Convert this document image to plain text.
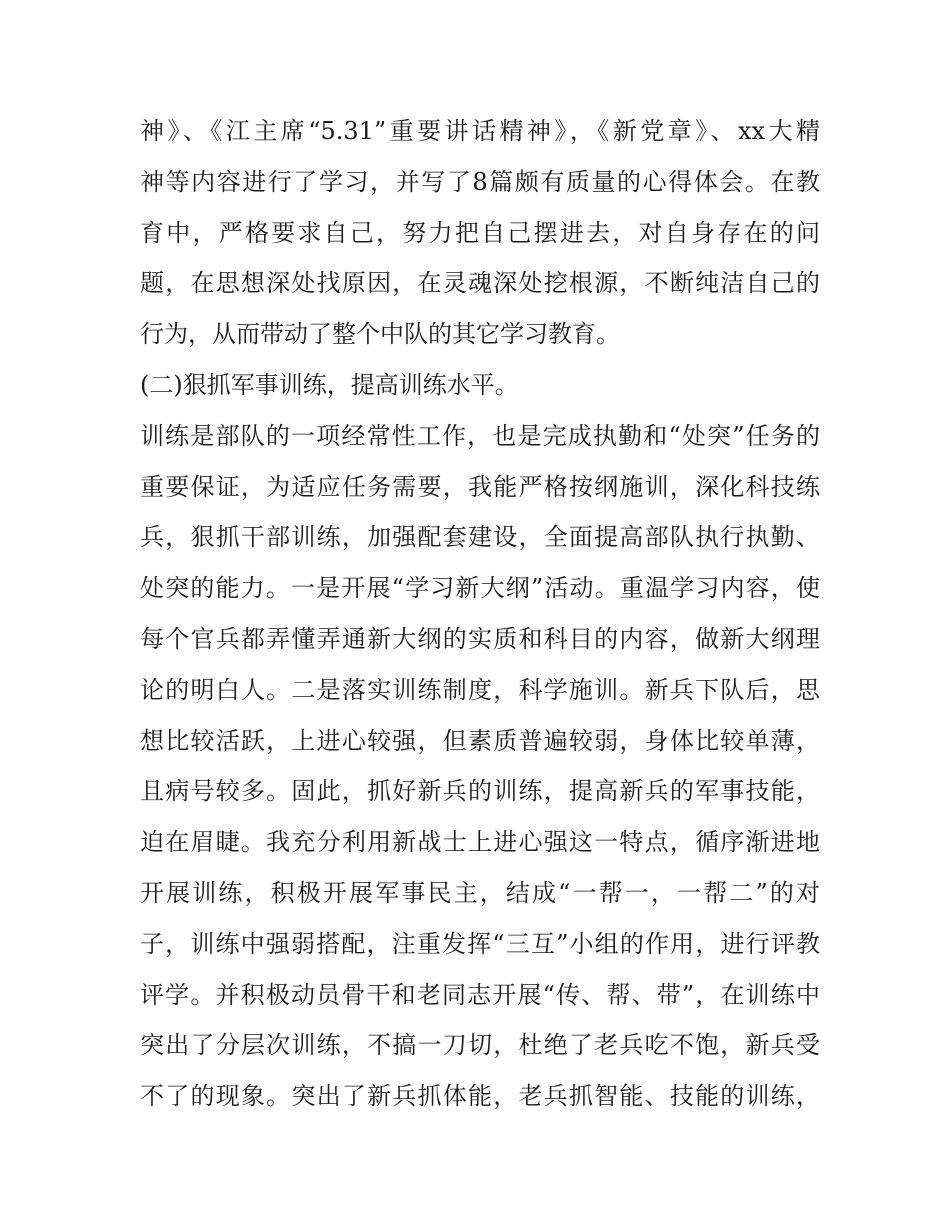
神》、《江主席“5.31”重要讲话精神》，《新党章》、xx大精
神等内容进行了学习，并写了8篇颇有质量的心得体会。在教
育中，严格要求自己，努力把自己摆进去，对自身存在的问
题，在思想深处找原因，在灵魂深处挖根源，不断纯洁自己的
行为，从而带动了整个中队的其它学习教育。
(二)狠抓军事训练，提高训练水平。
训练是部队的一项经常性工作，也是完成执勤和“处突”任务的
重要保证，为适应任务需要，我能严格按纲施训，深化科技练
兵，狠抓干部训练，加强配套建设，全面提高部队执行执勤、
处突的能力。一是开展“学习新大纲”活动。重温学习内容，使
每个官兵都弄懂弄通新大纲的实质和科目的内容，做新大纲理
论的明白人。二是落实训练制度，科学施训。新兵下队后，思
想比较活跃，上进心较强，但素质普遍较弱，身体比较单薄，
且病号较多。固此，抓好新兵的训练，提高新兵的军事技能，
迫在眉睫。我充分利用新战士上进心强这一特点，循序渐进地
开展训练，积极开展军事民主，结成“一帮一，一帮二”的对
子，训练中强弱搭配，注重发挥“三互”小组的作用，进行评教
评学。并积极动员骨干和老同志开展“传、帮、带”，在训练中
突出了分层次训练，不搞一刀切，杜绝了老兵吃不饱，新兵受
不了的现象。突出了新兵抓体能，老兵抓智能、技能的训练，
